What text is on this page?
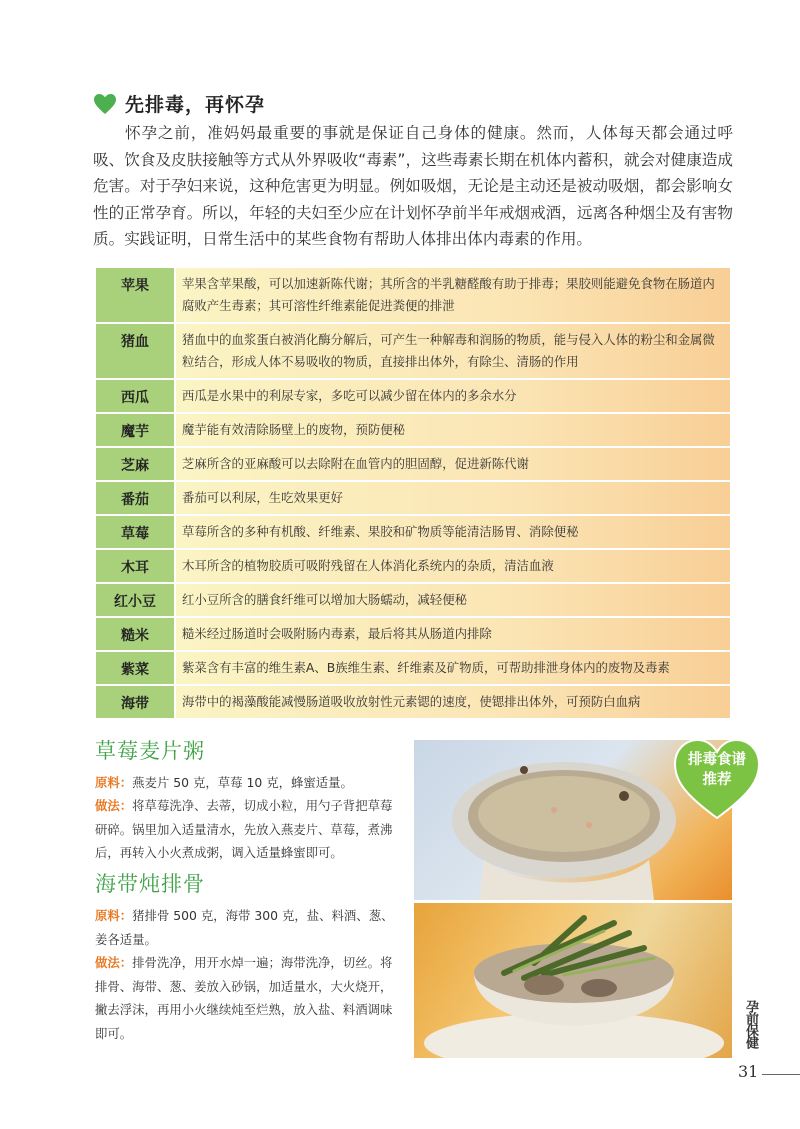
先排毒，再怀孕

怀孕之前，准妈妈最重要的事就是保证自己身体的健康。然而，人体每天都会通过呼吸、饮食及皮肤接触等方式从外界吸收“毒素”，这些毒素长期在机体内蓄积，就会对健康造成危害。对于孕妇来说，这种危害更为明显。例如吸烟，无论是主动还是被动吸烟，都会影响女性的正常孕育。所以，年轻的夫妇至少应在计划怀孕前半年戒烟戒酒，远离各种烟尘及有害物质。实践证明，日常生活中的某些食物有帮助人体排出体内毒素的作用。

苹果	苹果含苹果酸，可以加速新陈代谢；其所含的半乳糖醛酸有助于排毒；果胶则能避免食物在肠道内腐败产生毒素；其可溶性纤维素能促进粪便的排泄
猪血	猪血中的血浆蛋白被消化酶分解后，可产生一种解毒和润肠的物质，能与侵入人体的粉尘和金属微粒结合，形成人体不易吸收的物质，直接排出体外，有除尘、清肠的作用
西瓜	西瓜是水果中的利尿专家，多吃可以减少留在体内的多余水分
魔芋	魔芋能有效清除肠壁上的废物，预防便秘
芝麻	芝麻所含的亚麻酸可以去除附在血管内的胆固醇，促进新陈代谢
番茄	番茄可以利尿，生吃效果更好
草莓	草莓所含的多种有机酸、纤维素、果胶和矿物质等能清洁肠胃、消除便秘
木耳	木耳所含的植物胶质可吸附残留在人体消化系统内的杂质，清洁血液
红小豆	红小豆所含的膳食纤维可以增加大肠蠕动，减轻便秘
糙米	糙米经过肠道时会吸附肠内毒素，最后将其从肠道内排除
紫菜	紫菜含有丰富的维生素A、B族维生素、纤维素及矿物质，可帮助排泄身体内的废物及毒素
海带	海带中的褐藻酸能减慢肠道吸收放射性元素锶的速度，使锶排出体外，可预防白血病
草莓麦片粥

原料：燕麦片 50 克，草莓 10 克，蜂蜜适量。

做法：将草莓洗净、去蒂，切成小粒，用勺子背把草莓研碎。锅里加入适量清水，先放入燕麦片、草莓，煮沸后，再转入小火煮成粥，调入适量蜂蜜即可。

海带炖排骨

原料：猪排骨 500 克，海带 300 克，盐、料酒、葱、姜各适量。

做法：排骨洗净，用开水焯一遍；海带洗净，切丝。将排骨、海带、葱、姜放入砂锅，加适量水，大火烧开，撇去浮沫，再用小火继续炖至烂熟，放入盐、料酒调味即可。

排毒食谱
推荐
孕前保健
31
